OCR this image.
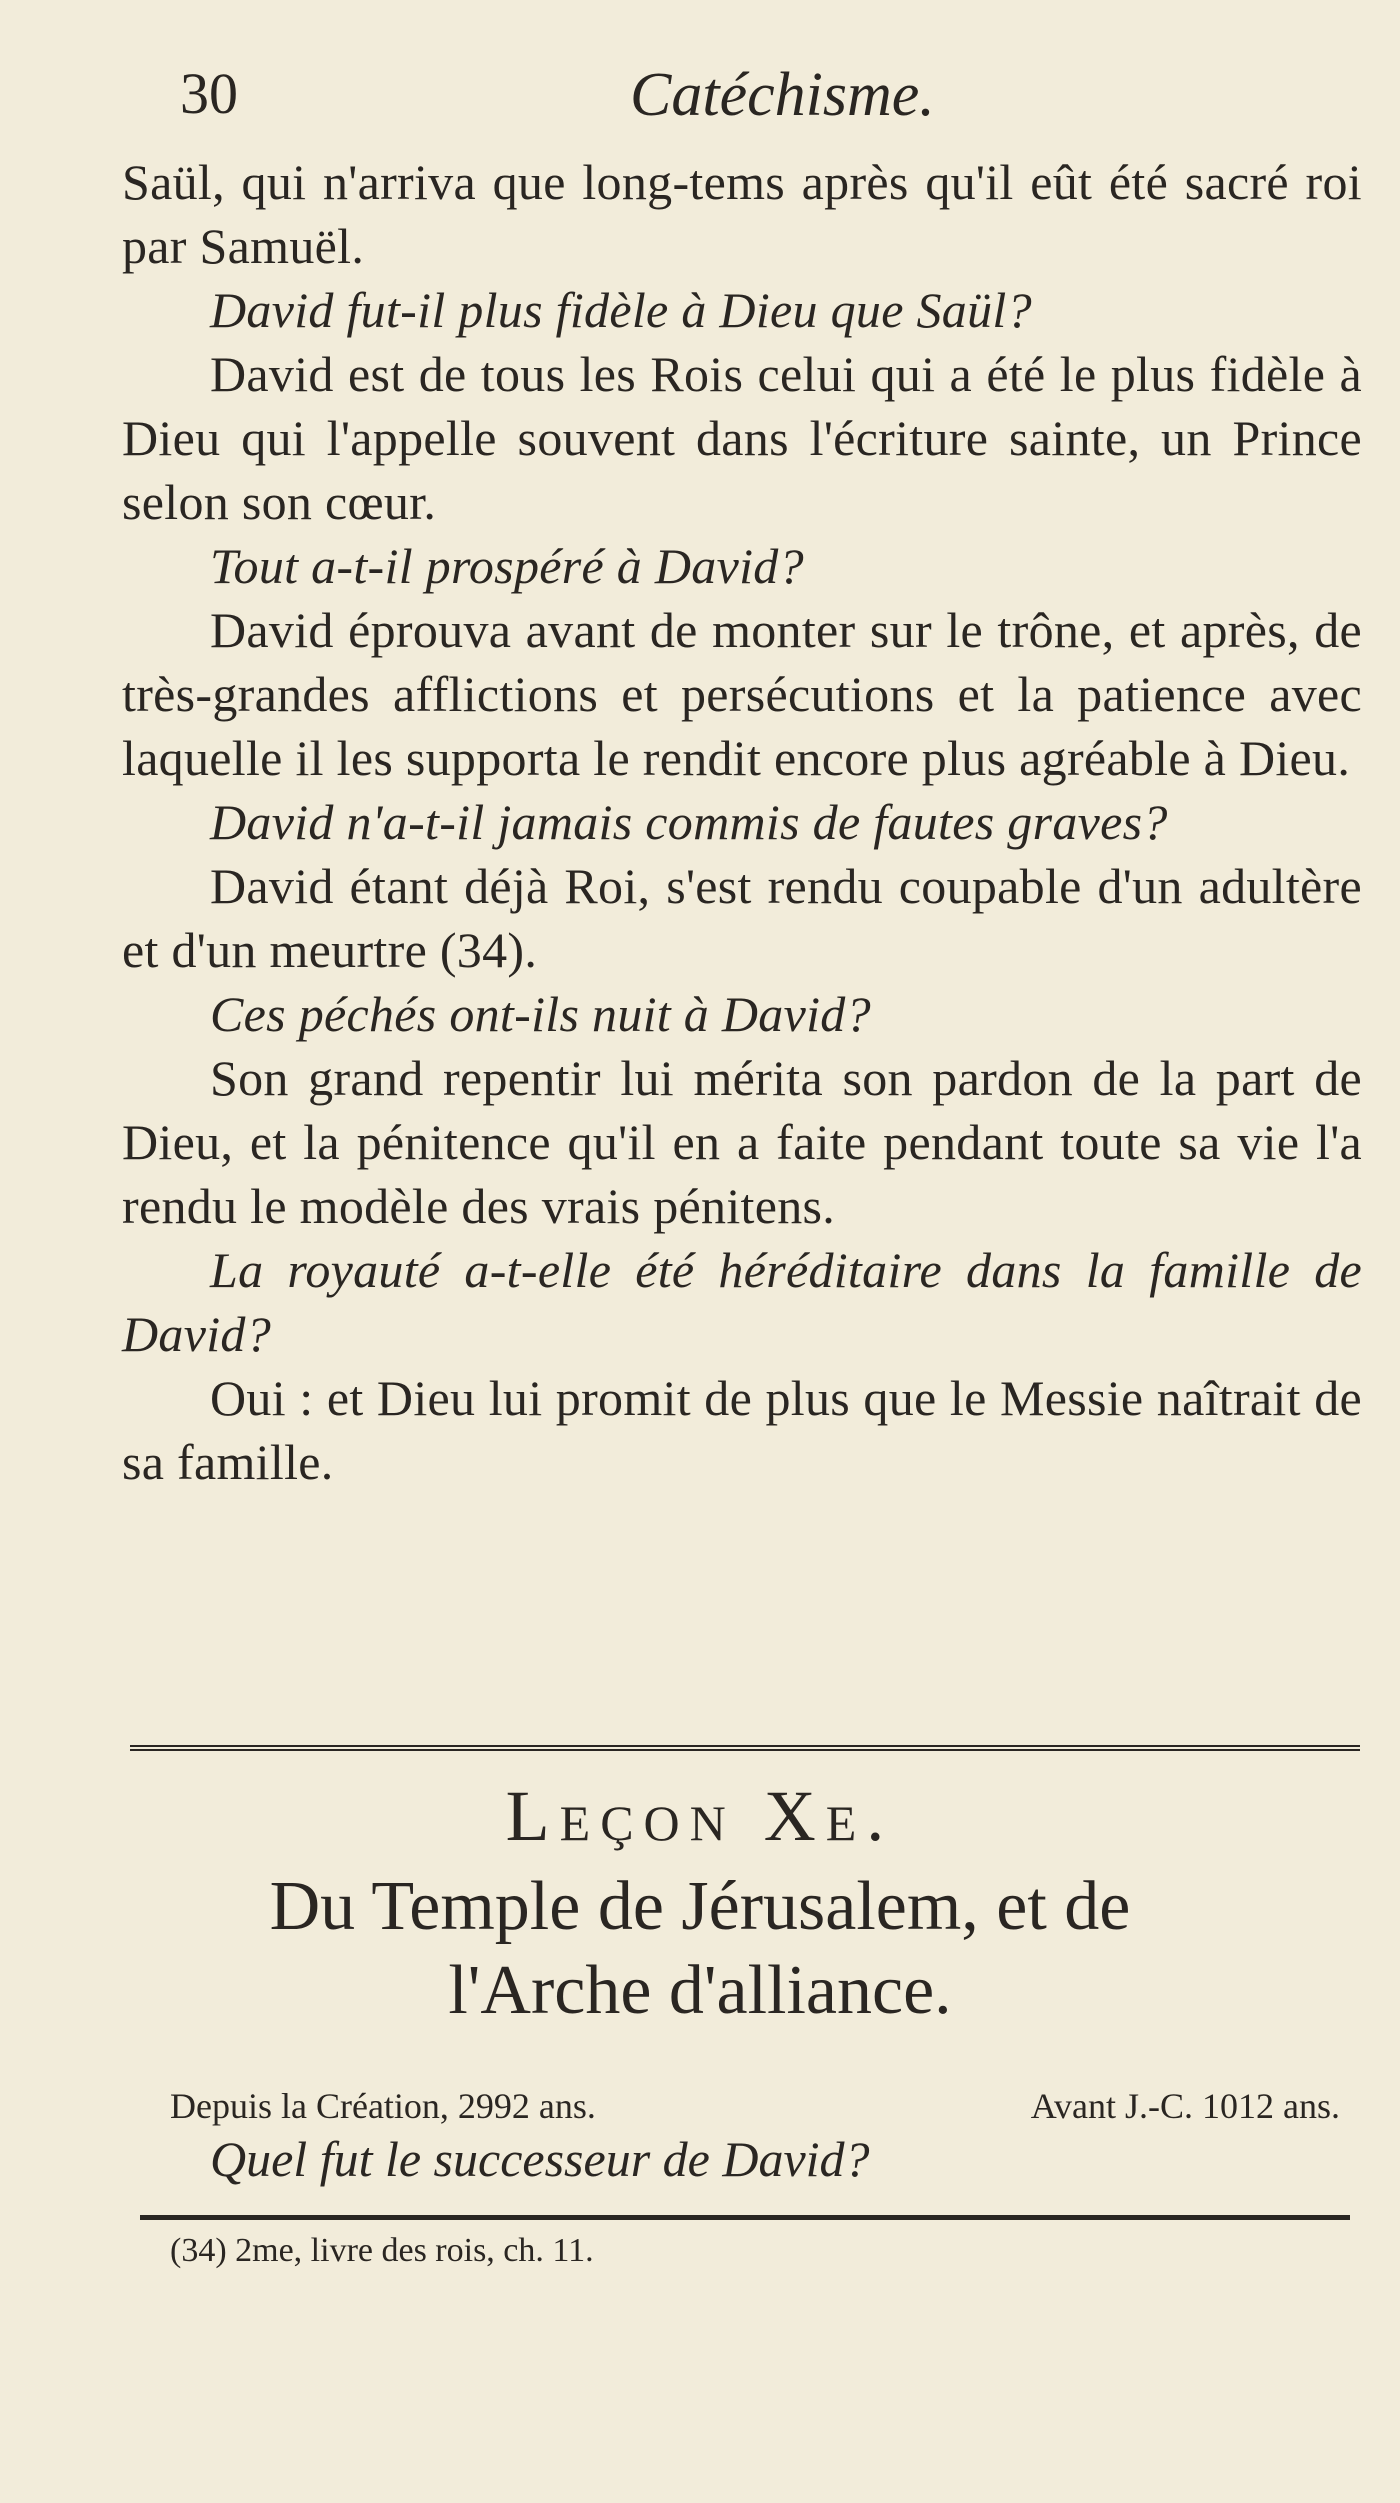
30	Catéchisme.

Saül, qui n'arriva que long-tems après qu'il eût été sacré roi par Samuël.

David fut-il plus fidèle à Dieu que Saül?

David est de tous les Rois celui qui a été le plus fidèle à Dieu qui l'appelle souvent dans l'écriture sainte, un Prince selon son cœur.

Tout a-t-il prospéré à David?

David éprouva avant de monter sur le trône, et après, de très-grandes afflictions et persécutions et la patience avec laquelle il les supporta le rendit encore plus agréable à Dieu.

David n'a-t-il jamais commis de fautes graves?

David étant déjà Roi, s'est rendu coupable d'un adultère et d'un meurtre (34).

Ces péchés ont-ils nuit à David?

Son grand repentir lui mérita son pardon de la part de Dieu, et la pénitence qu'il en a faite pendant toute sa vie l'a rendu le modèle des vrais pénitens.

La royauté a-t-elle été héréditaire dans la famille de David?

Oui : et Dieu lui promit de plus que le Messie naîtrait de sa famille.

Leçon Xe.
Du Temple de Jérusalem, et de
l'Arche d'alliance.
Depuis la Création, 2992 ans.	Avant J.-C. 1012 ans.
Quel fut le successeur de David?
(34) 2me, livre des rois, ch. 11.
